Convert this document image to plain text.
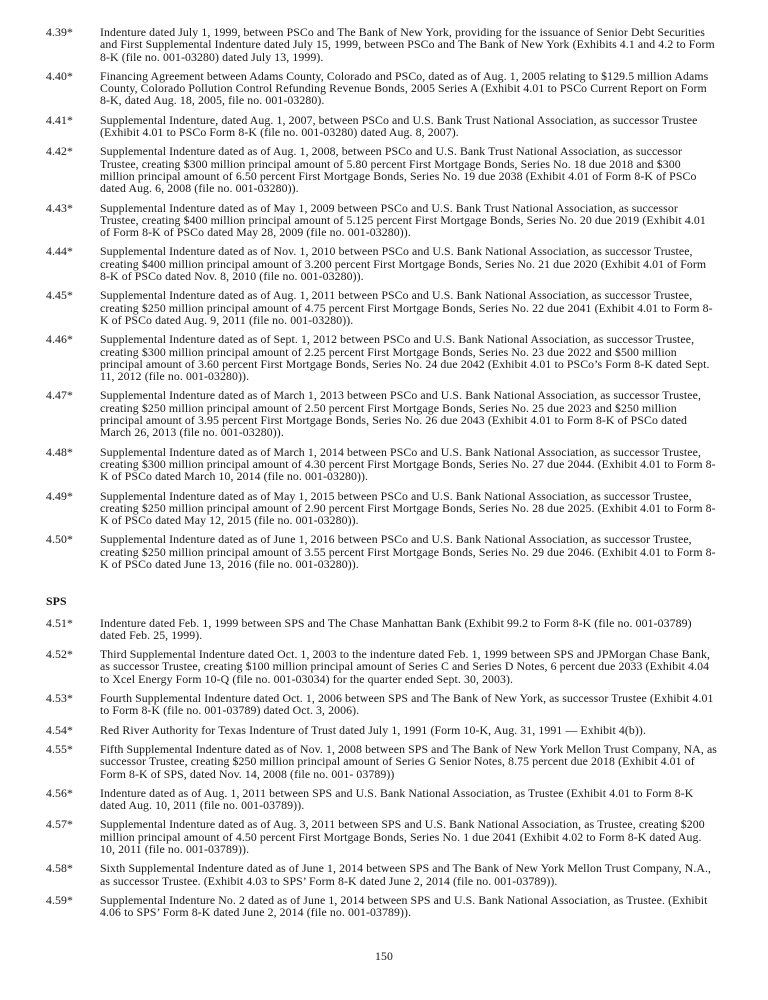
4.39* Indenture dated July 1, 1999, between PSCo and The Bank of New York, providing for the issuance of Senior Debt Securities and First Supplemental Indenture dated July 15, 1999, between PSCo and The Bank of New York (Exhibits 4.1 and 4.2 to Form 8-K (file no. 001-03280) dated July 13, 1999).
4.40* Financing Agreement between Adams County, Colorado and PSCo, dated as of Aug. 1, 2005 relating to $129.5 million Adams County, Colorado Pollution Control Refunding Revenue Bonds, 2005 Series A (Exhibit 4.01 to PSCo Current Report on Form 8-K, dated Aug. 18, 2005, file no. 001-03280).
4.41* Supplemental Indenture, dated Aug. 1, 2007, between PSCo and U.S. Bank Trust National Association, as successor Trustee (Exhibit 4.01 to PSCo Form 8-K (file no. 001-03280) dated Aug. 8, 2007).
4.42* Supplemental Indenture dated as of Aug. 1, 2008, between PSCo and U.S. Bank Trust National Association, as successor Trustee, creating $300 million principal amount of 5.80 percent First Mortgage Bonds, Series No. 18 due 2018 and $300 million principal amount of 6.50 percent First Mortgage Bonds, Series No. 19 due 2038 (Exhibit 4.01 of Form 8-K of PSCo dated Aug. 6, 2008 (file no. 001-03280)).
4.43* Supplemental Indenture dated as of May 1, 2009 between PSCo and U.S. Bank Trust National Association, as successor Trustee, creating $400 million principal amount of 5.125 percent First Mortgage Bonds, Series No. 20 due 2019 (Exhibit 4.01 of Form 8-K of PSCo dated May 28, 2009 (file no. 001-03280)).
4.44* Supplemental Indenture dated as of Nov. 1, 2010 between PSCo and U.S. Bank National Association, as successor Trustee, creating $400 million principal amount of 3.200 percent First Mortgage Bonds, Series No. 21 due 2020 (Exhibit 4.01 of Form 8-K of PSCo dated Nov. 8, 2010 (file no. 001-03280)).
4.45* Supplemental Indenture dated as of Aug. 1, 2011 between PSCo and U.S. Bank National Association, as successor Trustee, creating $250 million principal amount of 4.75 percent First Mortgage Bonds, Series No. 22 due 2041 (Exhibit 4.01 to Form 8-K of PSCo dated Aug. 9, 2011 (file no. 001-03280)).
4.46* Supplemental Indenture dated as of Sept. 1, 2012 between PSCo and U.S. Bank National Association, as successor Trustee, creating $300 million principal amount of 2.25 percent First Mortgage Bonds, Series No. 23 due 2022 and $500 million principal amount of 3.60 percent First Mortgage Bonds, Series No. 24 due 2042 (Exhibit 4.01 to PSCo’s Form 8-K dated Sept. 11, 2012 (file no. 001-03280)).
4.47* Supplemental Indenture dated as of March 1, 2013 between PSCo and U.S. Bank National Association, as successor Trustee, creating $250 million principal amount of 2.50 percent First Mortgage Bonds, Series No. 25 due 2023 and $250 million principal amount of 3.95 percent First Mortgage Bonds, Series No. 26 due 2043 (Exhibit 4.01 to Form 8-K of PSCo dated March 26, 2013 (file no. 001-03280)).
4.48* Supplemental Indenture dated as of March 1, 2014 between PSCo and U.S. Bank National Association, as successor Trustee, creating $300 million principal amount of 4.30 percent First Mortgage Bonds, Series No. 27 due 2044. (Exhibit 4.01 to Form 8-K of PSCo dated March 10, 2014 (file no. 001-03280)).
4.49* Supplemental Indenture dated as of May 1, 2015 between PSCo and U.S. Bank National Association, as successor Trustee, creating $250 million principal amount of 2.90 percent First Mortgage Bonds, Series No. 28 due 2025. (Exhibit 4.01 to Form 8-K of PSCo dated May 12, 2015 (file no. 001-03280)).
4.50* Supplemental Indenture dated as of June 1, 2016 between PSCo and U.S. Bank National Association, as successor Trustee, creating $250 million principal amount of 3.55 percent First Mortgage Bonds, Series No. 29 due 2046. (Exhibit 4.01 to Form 8-K of PSCo dated June 13, 2016 (file no. 001-03280)).
SPS
4.51* Indenture dated Feb. 1, 1999 between SPS and The Chase Manhattan Bank (Exhibit 99.2 to Form 8-K (file no. 001-03789) dated Feb. 25, 1999).
4.52* Third Supplemental Indenture dated Oct. 1, 2003 to the indenture dated Feb. 1, 1999 between SPS and JPMorgan Chase Bank, as successor Trustee, creating $100 million principal amount of Series C and Series D Notes, 6 percent due 2033 (Exhibit 4.04 to Xcel Energy Form 10-Q (file no. 001-03034) for the quarter ended Sept. 30, 2003).
4.53* Fourth Supplemental Indenture dated Oct. 1, 2006 between SPS and The Bank of New York, as successor Trustee (Exhibit 4.01 to Form 8-K (file no. 001-03789) dated Oct. 3, 2006).
4.54* Red River Authority for Texas Indenture of Trust dated July 1, 1991 (Form 10-K, Aug. 31, 1991 — Exhibit 4(b)).
4.55* Fifth Supplemental Indenture dated as of Nov. 1, 2008 between SPS and The Bank of New York Mellon Trust Company, NA, as successor Trustee, creating $250 million principal amount of Series G Senior Notes, 8.75 percent due 2018 (Exhibit 4.01 of Form 8-K of SPS, dated Nov. 14, 2008 (file no. 001- 03789))
4.56* Indenture dated as of Aug. 1, 2011 between SPS and U.S. Bank National Association, as Trustee (Exhibit 4.01 to Form 8-K dated Aug. 10, 2011 (file no. 001-03789)).
4.57* Supplemental Indenture dated as of Aug. 3, 2011 between SPS and U.S. Bank National Association, as Trustee, creating $200 million principal amount of 4.50 percent First Mortgage Bonds, Series No. 1 due 2041 (Exhibit 4.02 to Form 8-K dated Aug. 10, 2011 (file no. 001-03789)).
4.58* Sixth Supplemental Indenture dated as of June 1, 2014 between SPS and The Bank of New York Mellon Trust Company, N.A., as successor Trustee. (Exhibit 4.03 to SPS’ Form 8-K dated June 2, 2014 (file no. 001-03789)).
4.59* Supplemental Indenture No. 2 dated as of June 1, 2014 between SPS and U.S. Bank National Association, as Trustee. (Exhibit 4.06 to SPS’ Form 8-K dated June 2, 2014 (file no. 001-03789)).
150
